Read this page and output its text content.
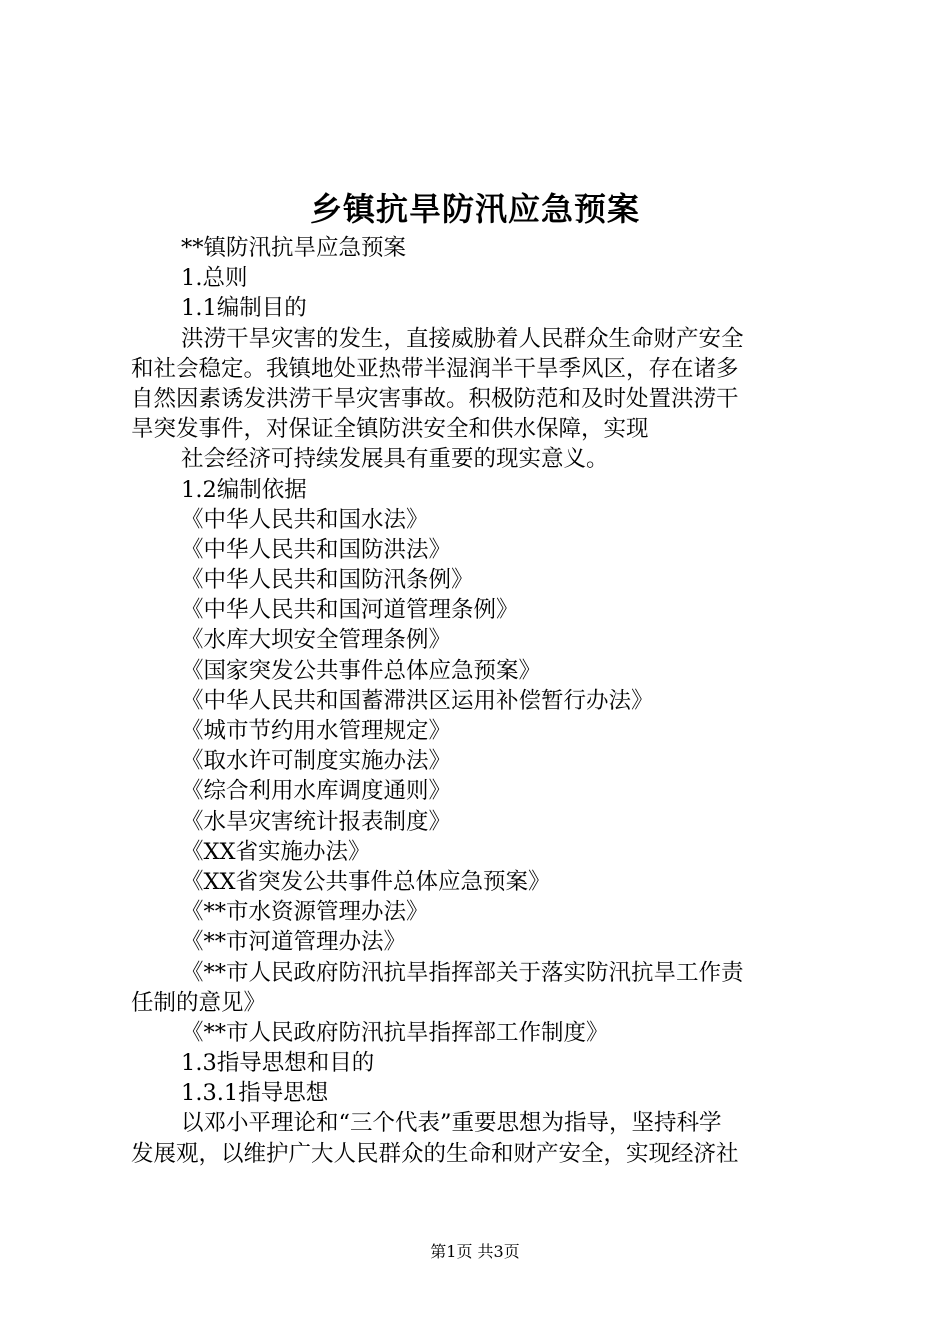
乡镇抗旱防汛应急预案
**镇防汛抗旱应急预案
1.总则
1.1编制目的
洪涝干旱灾害的发生，直接威胁着人民群众生命财产安全
和社会稳定。我镇地处亚热带半湿润半干旱季风区，存在诸多
自然因素诱发洪涝干旱灾害事故。积极防范和及时处置洪涝干
旱突发事件，对保证全镇防洪安全和供水保障，实现
社会经济可持续发展具有重要的现实意义。
1.2编制依据
《中华人民共和国水法》
《中华人民共和国防洪法》
《中华人民共和国防汛条例》
《中华人民共和国河道管理条例》
《水库大坝安全管理条例》
《国家突发公共事件总体应急预案》
《中华人民共和国蓄滞洪区运用补偿暂行办法》
《城市节约用水管理规定》
《取水许可制度实施办法》
《综合利用水库调度通则》
《水旱灾害统计报表制度》
《XX省实施办法》
《XX省突发公共事件总体应急预案》
《**市水资源管理办法》
《**市河道管理办法》
《**市人民政府防汛抗旱指挥部关于落实防汛抗旱工作责
任制的意见》
《**市人民政府防汛抗旱指挥部工作制度》
1.3指导思想和目的
1.3.1指导思想
以邓小平理论和“三个代表”重要思想为指导，坚持科学
发展观，以维护广大人民群众的生命和财产安全，实现经济社
第1页 共3页
